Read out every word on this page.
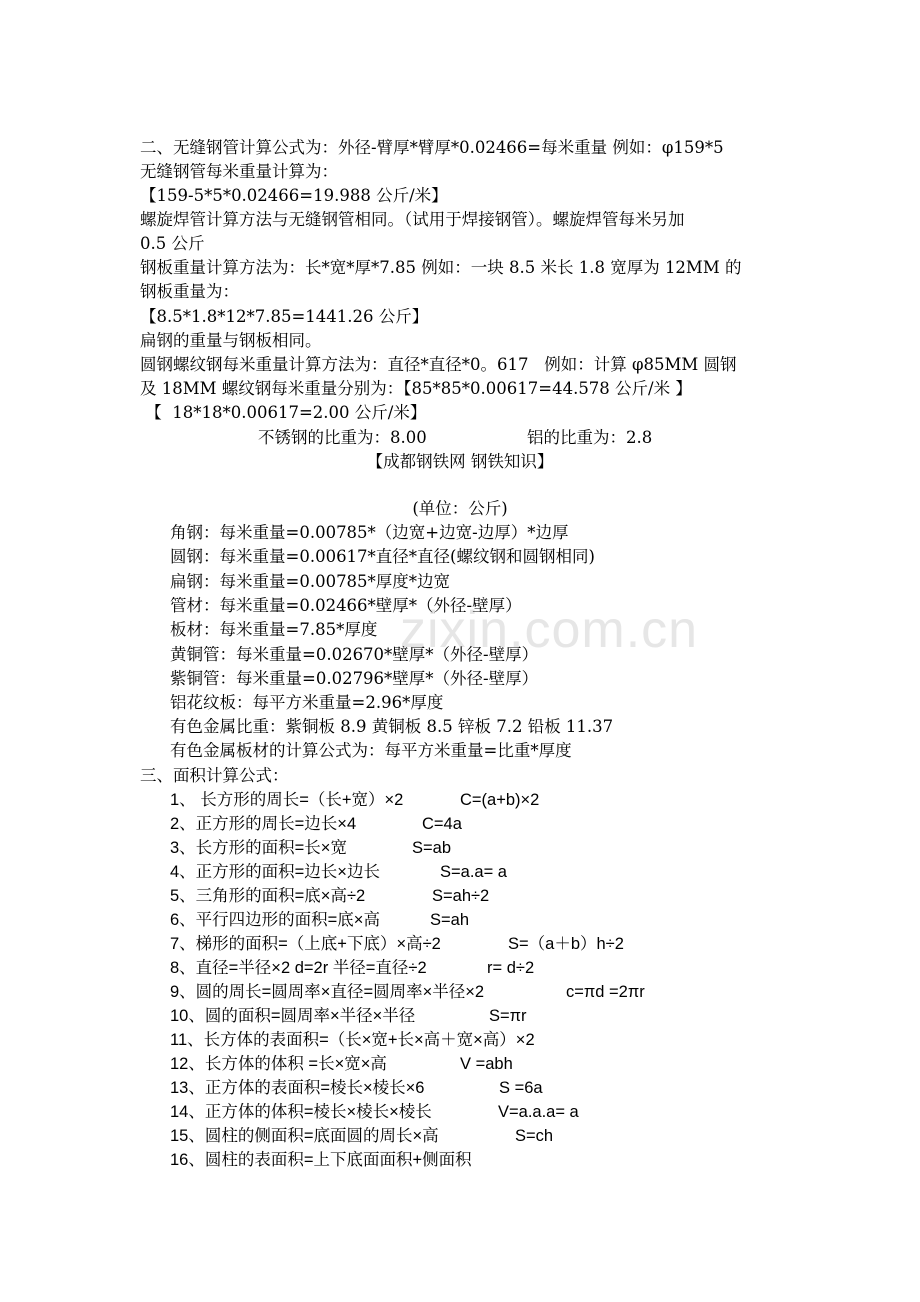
zixin.com.cn
二、无缝钢管计算公式为：外径-臂厚*臂厚*0.02466=每米重量 例如：φ159*5
无缝钢管每米重量计算为：
【159-5*5*0.02466=19.988 公斤/米】
螺旋焊管计算方法与无缝钢管相同。（试用于焊接钢管）。螺旋焊管每米另加
0.5 公斤
钢板重量计算方法为：长*宽*厚*7.85 例如：一块 8.5 米长 1.8 宽厚为 12MM 的
钢板重量为：
【8.5*1.8*12*7.85=1441.26 公斤】
扁钢的重量与钢板相同。
圆钢螺纹钢每米重量计算方法为：直径*直径*0。617   例如：计算 φ85MM 圆钢
及 18MM 螺纹钢每米重量分别为：【85*85*0.00617=44.578 公斤/米 】
【  18*18*0.00617=2.00 公斤/米】
不锈钢的比重为：8.00	铝的比重为：2.8
【成都钢铁网 钢铁知识】
(单位：公斤)
角钢：每米重量=0.00785*（边宽+边宽-边厚）*边厚
圆钢：每米重量=0.00617*直径*直径(螺纹钢和圆钢相同)
扁钢：每米重量=0.00785*厚度*边宽
管材：每米重量=0.02466*壁厚*（外径-壁厚）
板材：每米重量=7.85*厚度
黄铜管：每米重量=0.02670*壁厚*（外径-壁厚）
紫铜管：每米重量=0.02796*壁厚*（外径-壁厚）
铝花纹板：每平方米重量=2.96*厚度
有色金属比重：紫铜板 8.9 黄铜板 8.5 锌板 7.2 铅板 11.37
有色金属板材的计算公式为：每平方米重量=比重*厚度
三、面积计算公式：
1、 长方形的周长=（长+宽）×2	C=(a+b)×2
2、正方形的周长=边长×4	C=4a
3、长方形的面积=长×宽	S=ab
4、正方形的面积=边长×边长	S=a.a= a
5、三角形的面积=底×高÷2	S=ah÷2
6、平行四边形的面积=底×高	S=ah
7、梯形的面积=（上底+下底）×高÷2	S=（a＋b）h÷2
8、直径=半径×2 d=2r 半径=直径÷2	r= d÷2
9、圆的周长=圆周率×直径=圆周率×半径×2	c=πd =2πr
10、圆的面积=圆周率×半径×半径	S=πr
11、长方体的表面积=（长×宽+长×高＋宽×高）×2
12、长方体的体积 =长×宽×高	V =abh
13、正方体的表面积=棱长×棱长×6	S =6a
14、正方体的体积=棱长×棱长×棱长	V=a.a.a= a
15、圆柱的侧面积=底面圆的周长×高	S=ch
16、圆柱的表面积=上下底面面积+侧面积
